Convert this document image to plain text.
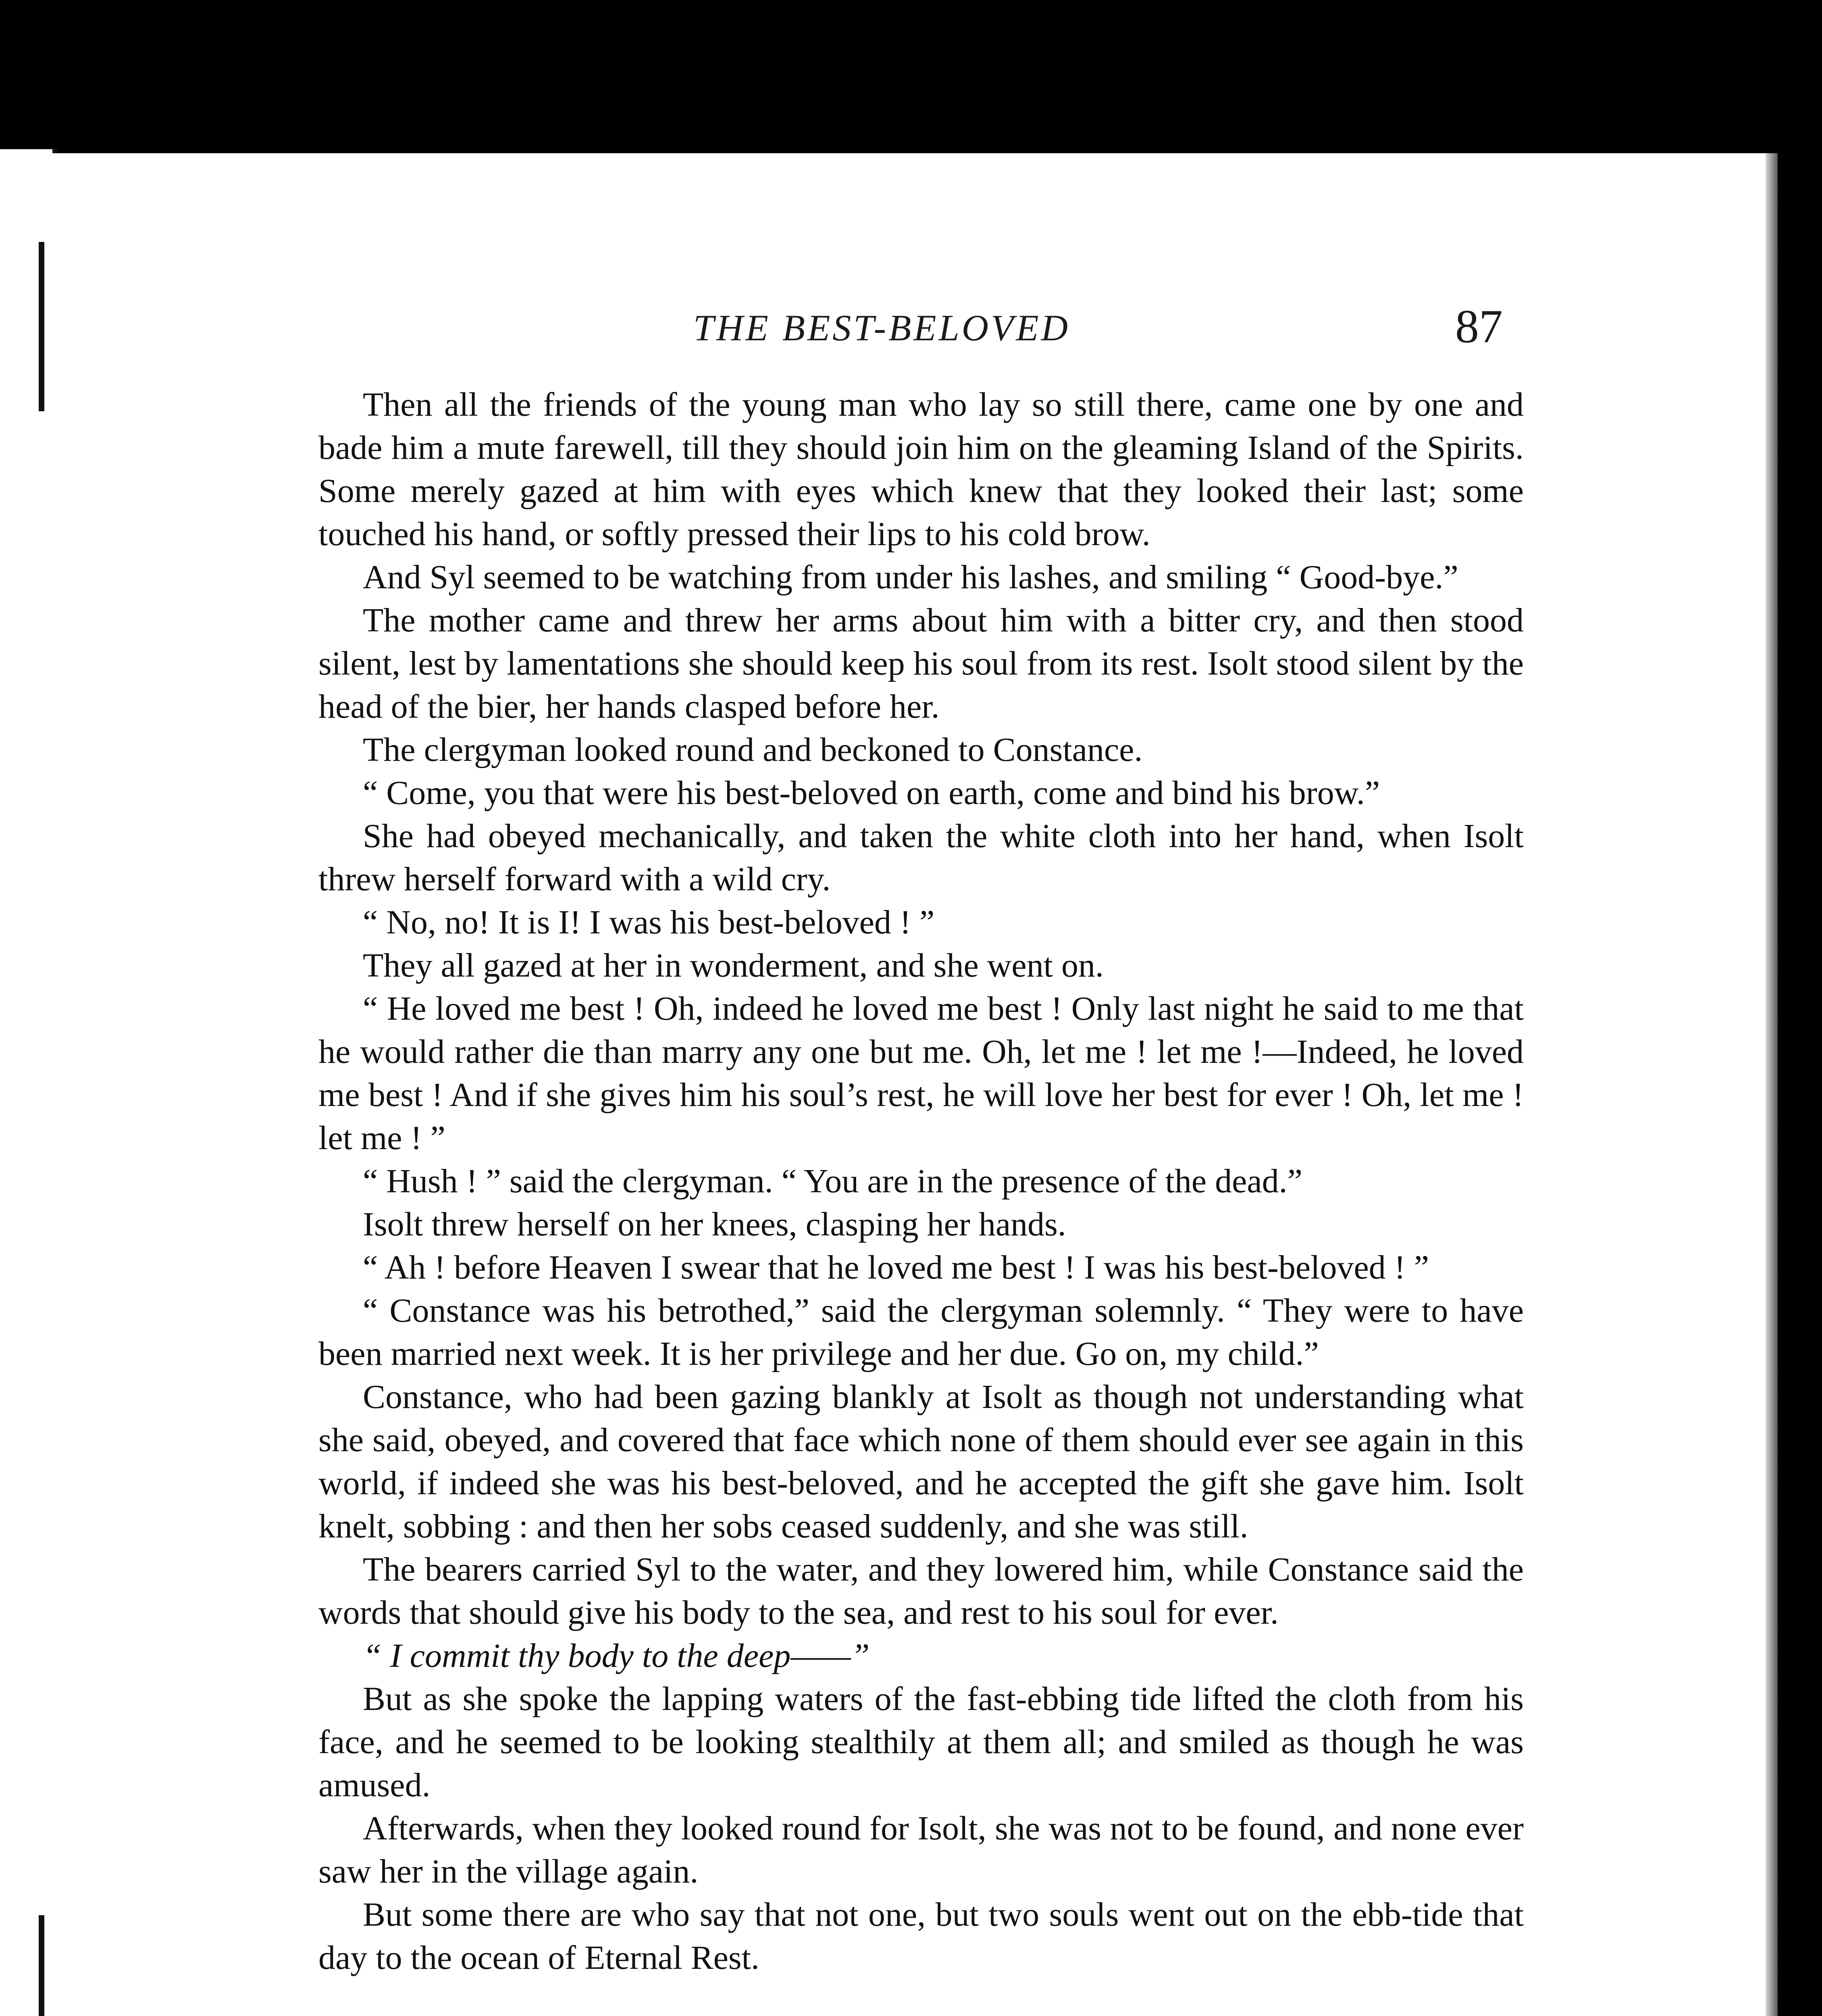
THE BEST-BELOVED	87

Then all the friends of the young man who lay so still there, came one by one and bade him a mute farewell, till they should join him on the gleaming Island of the Spirits. Some merely gazed at him with eyes which knew that they looked their last; some touched his hand, or softly pressed their lips to his cold brow.

And Syl seemed to be watching from under his lashes, and smiling “ Good-bye.”

The mother came and threw her arms about him with a bitter cry, and then stood silent, lest by lamentations she should keep his soul from its rest. Isolt stood silent by the head of the bier, her hands clasped before her.

The clergyman looked round and beckoned to Constance.

“ Come, you that were his best-beloved on earth, come and bind his brow.”

She had obeyed mechanically, and taken the white cloth into her hand, when Isolt threw herself forward with a wild cry.

“ No, no! It is I! I was his best-beloved ! ”

They all gazed at her in wonderment, and she went on.

“ He loved me best ! Oh, indeed he loved me best ! Only last night he said to me that he would rather die than marry any one but me. Oh, let me ! let me !—Indeed, he loved me best ! And if she gives him his soul’s rest, he will love her best for ever ! Oh, let me ! let me ! ”

“ Hush ! ” said the clergyman. “ You are in the presence of the dead.”

Isolt threw herself on her knees, clasping her hands.

“ Ah ! before Heaven I swear that he loved me best ! I was his best-beloved ! ”

“ Constance was his betrothed,” said the clergyman solemnly. “ They were to have been married next week. It is her privilege and her due. Go on, my child.”

Constance, who had been gazing blankly at Isolt as though not understanding what she said, obeyed, and covered that face which none of them should ever see again in this world, if indeed she was his best-beloved, and he accepted the gift she gave him. Isolt knelt, sobbing : and then her sobs ceased suddenly, and she was still.

The bearers carried Syl to the water, and they lowered him, while Constance said the words that should give his body to the sea, and rest to his soul for ever.

“ I commit thy body to the deep——”

But as she spoke the lapping waters of the fast-ebbing tide lifted the cloth from his face, and he seemed to be looking stealthily at them all; and smiled as though he was amused.

Afterwards, when they looked round for Isolt, she was not to be found, and none ever saw her in the village again.

But some there are who say that not one, but two souls went out on the ebb-tide that day to the ocean of Eternal Rest.
